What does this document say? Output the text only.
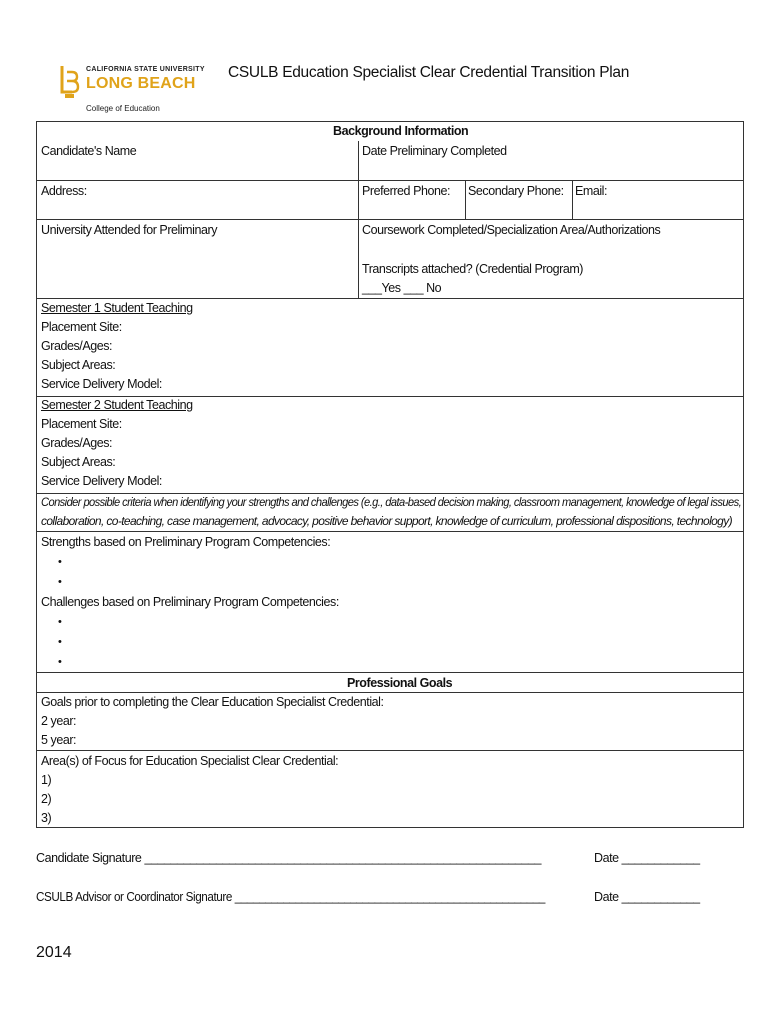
CALIFORNIA STATE UNIVERSITY
LONG BEACH
College of Education
CSULB Education Specialist Clear Credential Transition Plan
Background Information
Candidate's Name	Date Preliminary Completed
Address:	Preferred Phone: Secondary Phone: Email:
University Attended for Preliminary	Coursework Completed/Specialization Area/Authorizations
Transcripts attached? (Credential Program)
___Yes ___ No
Semester 1 Student Teaching
Placement Site:
Grades/Ages:
Subject Areas:
Service Delivery Model:
Semester 2 Student Teaching
Placement Site:
Grades/Ages:
Subject Areas:
Service Delivery Model:
Consider possible criteria when identifying your strengths and challenges (e.g., data-based decision making, classroom management, knowledge of legal issues,
collaboration, co-teaching, case management, advocacy, positive behavior support, knowledge of curriculum, professional dispositions, technology)
Strengths based on Preliminary Program Competencies:
•
•
Challenges based on Preliminary Program Competencies:
•
•
•
Professional Goals
Goals prior to completing the Clear Education Specialist Credential:
2 year:
5 year:
Area(s) of Focus for Education Specialist Clear Credential:
1)
2)
3)
Candidate Signature _____________________________________________________________	Date ____________
CSULB Advisor or Coordinator Signature ___________________________________________________	Date ____________
2014
